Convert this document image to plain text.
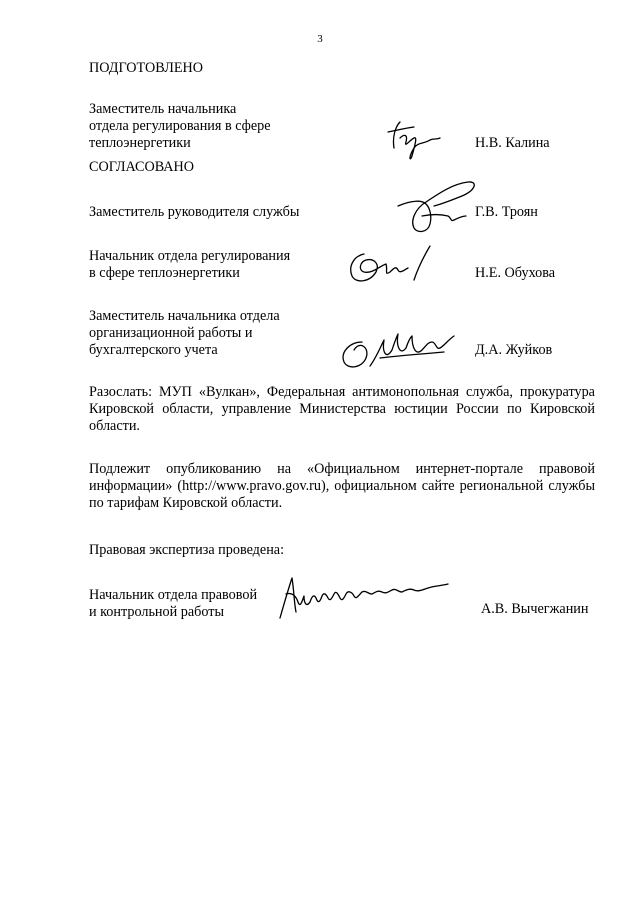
3
ПОДГОТОВЛЕНО
Заместитель начальника
отдела регулирования в сфере
теплоэнергетики	Н.В. Калина
СОГЛАСОВАНО
Заместитель руководителя службы	Г.В. Троян
Начальник отдела регулирования
в сфере теплоэнергетики	Н.Е. Обухова
Заместитель начальника отдела
организационной работы и
бухгалтерского учета	Д.А. Жуйков

Разослать: МУП «Вулкан», Федеральная антимонопольная служба, прокуратура Кировской области, управление Министерства юстиции России по Кировской области.

Подлежит опубликованию на «Официальном интернет-портале правовой информации» (http://www.pravo.gov.ru), официальном сайте региональной службы по тарифам Кировской области.

Правовая экспертиза проведена:
Начальник отдела правовой
и контрольной работы	А.В. Вычегжанин
